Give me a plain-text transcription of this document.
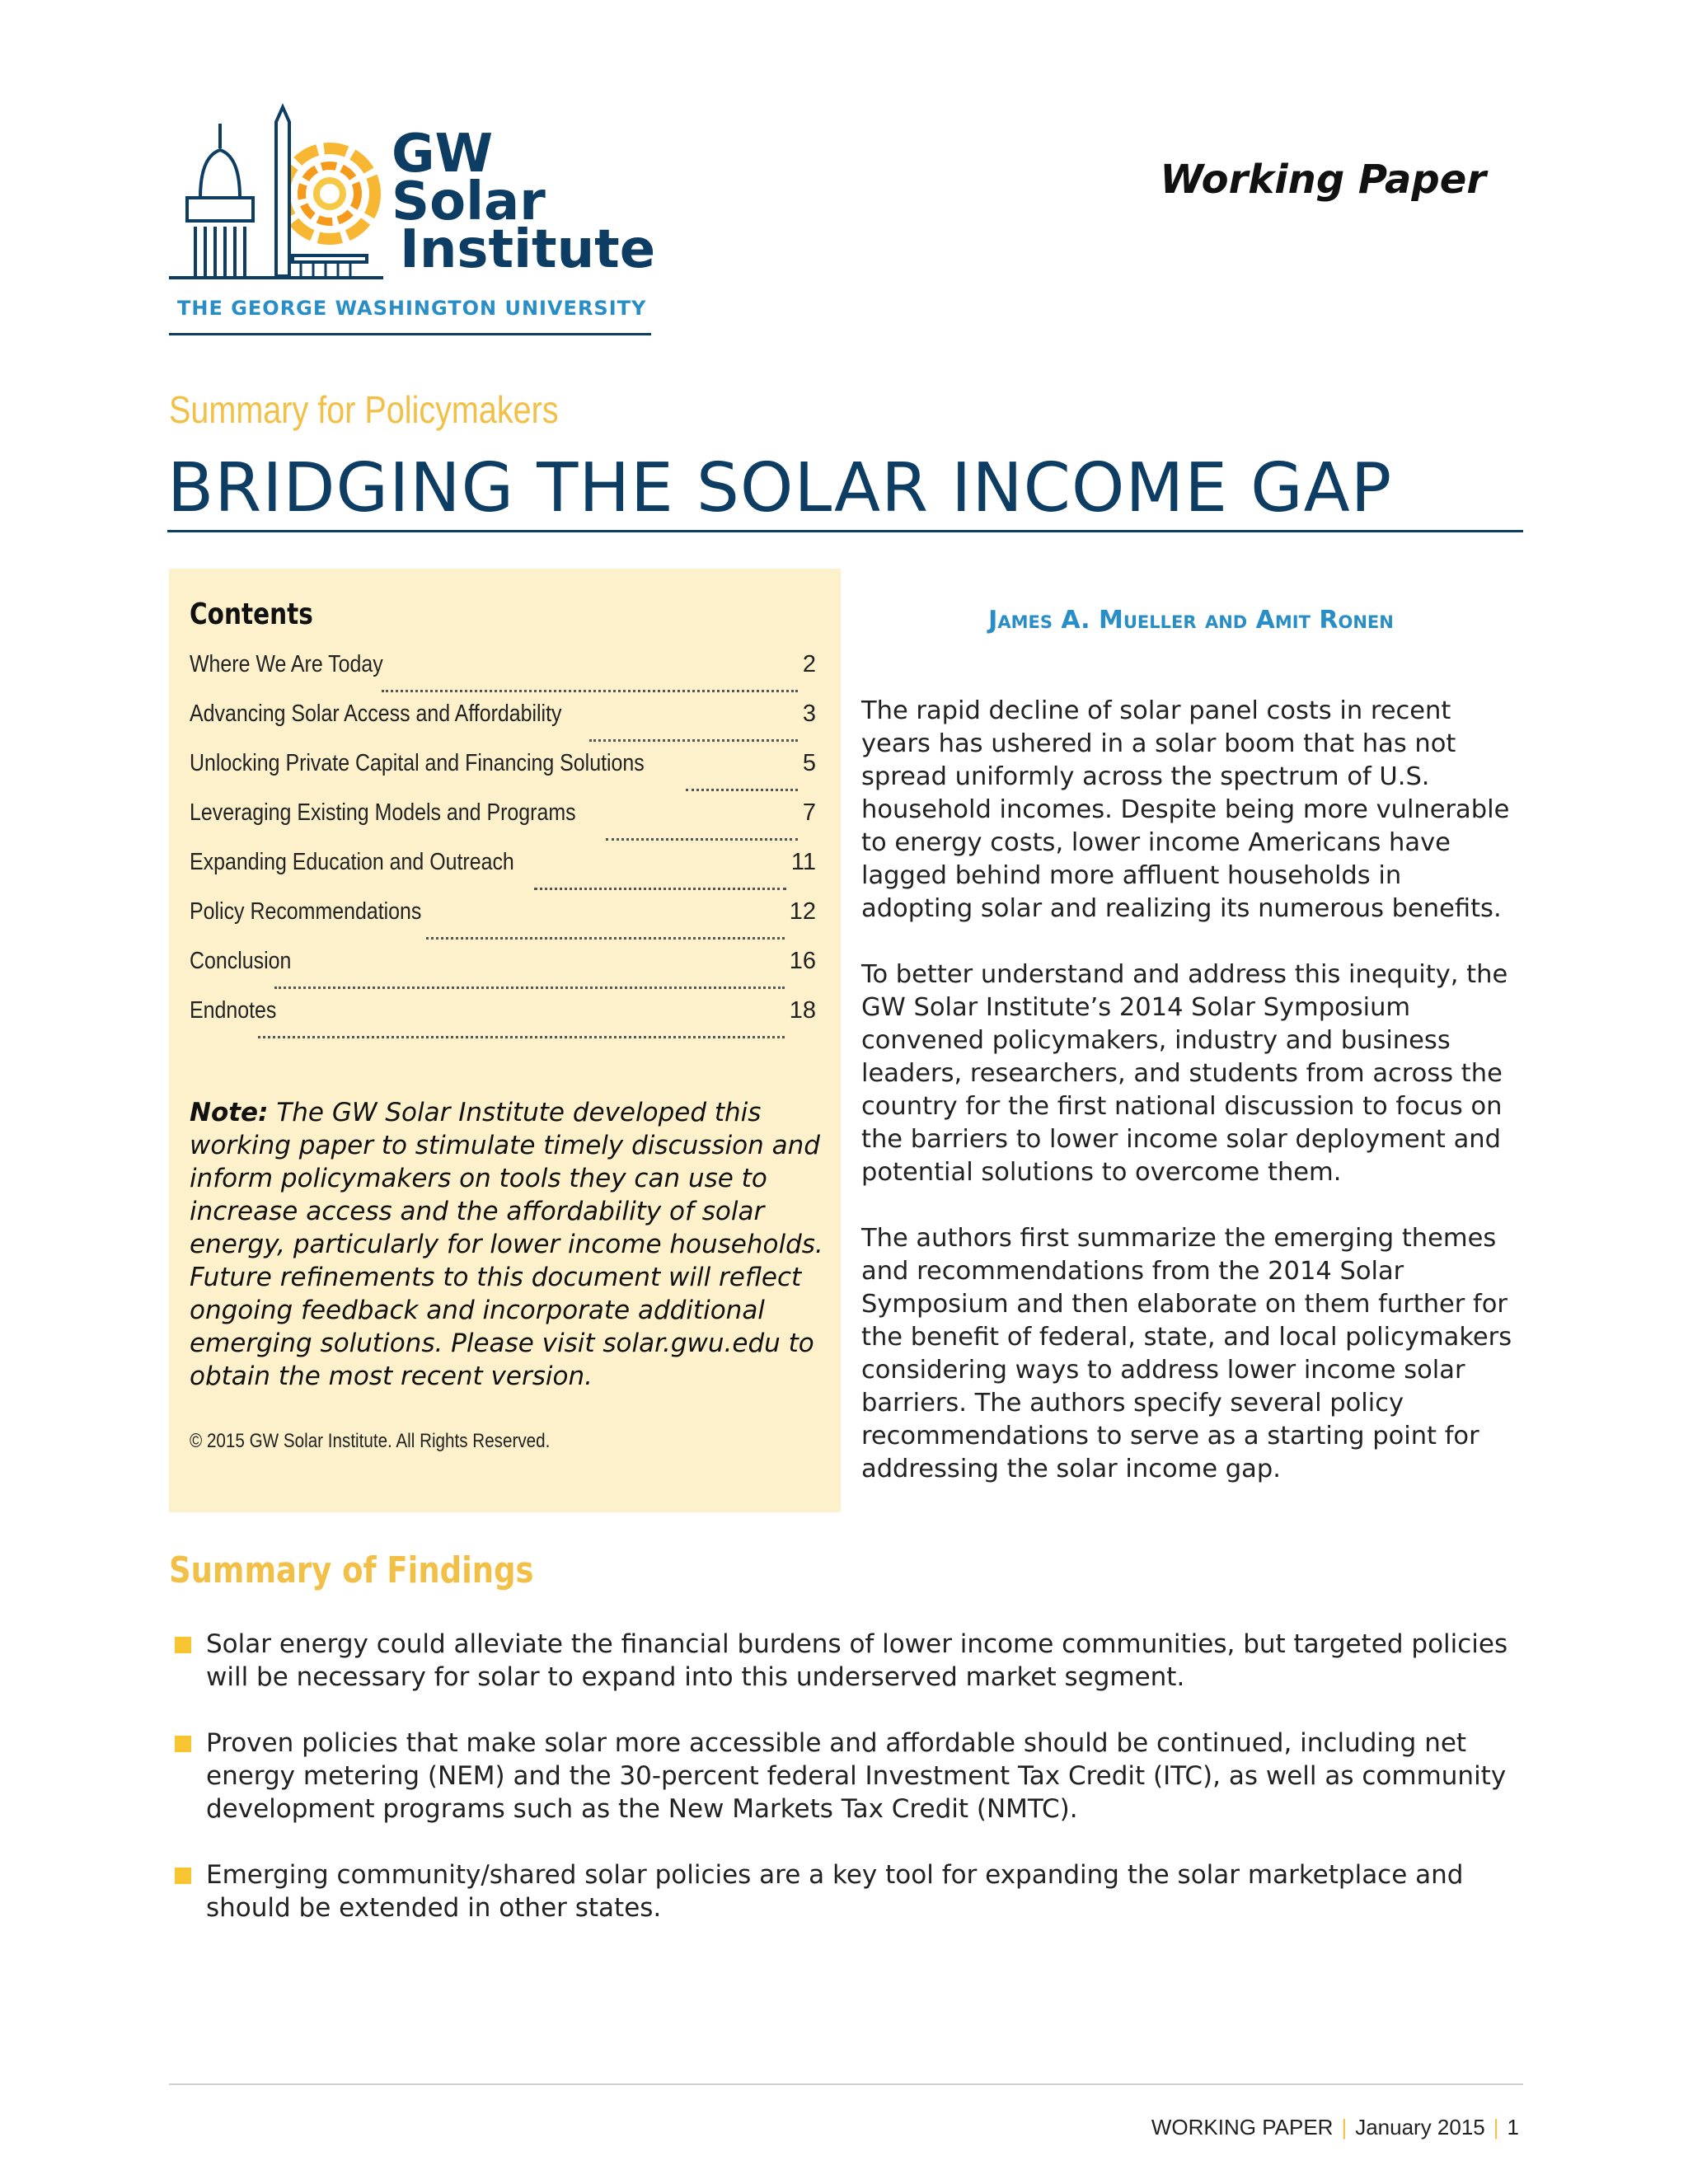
GW
Solar
Institute
THE GEORGE WASHINGTON UNIVERSITY
Working Paper
Summary for Policymakers
BRIDGING THE SOLAR INCOME GAP
Contents
Where We Are Today	2
Advancing Solar Access and Affordability	3
Unlocking Private Capital and Financing Solutions	5
Leveraging Existing Models and Programs	7
Expanding Education and Outreach	11
Policy Recommendations	12
Conclusion	16
Endnotes	18
Note: The GW Solar Institute developed this working paper to stimulate timely discussion and inform policymakers on tools they can use to increase access and the affordability of solar energy, particularly for lower income households. Future refinements to this document will reflect ongoing feedback and incorporate additional emerging solutions. Please visit solar.gwu.edu to obtain the most recent version.
© 2015 GW Solar Institute. All Rights Reserved.
James A. Mueller and Amit Ronen

The rapid decline of solar panel costs in recent years has ushered in a solar boom that has not spread uniformly across the spectrum of U.S. household incomes. Despite being more vulnerable to energy costs, lower income Americans have lagged behind more affluent households in adopting solar and realizing its numerous benefits.

To better understand and address this inequity, the GW Solar Institute’s 2014 Solar Symposium convened policymakers, industry and business leaders, researchers, and students from across the country for the first national discussion to focus on the barriers to lower income solar deployment and potential solutions to overcome them.

The authors first summarize the emerging themes and recommendations from the 2014 Solar Symposium and then elaborate on them further for the benefit of federal, state, and local policymakers considering ways to address lower income solar barriers. The authors specify several policy recommendations to serve as a starting point for addressing the solar income gap.

Summary of Findings
Solar energy could alleviate the financial burdens of lower income communities, but targeted policies will be necessary for solar to expand into this underserved market segment.
Proven policies that make solar more accessible and affordable should be continued, including net energy metering (NEM) and the 30-percent federal Investment Tax Credit (ITC), as well as community development programs such as the New Markets Tax Credit (NMTC).
Emerging community/shared solar policies are a key tool for expanding the solar marketplace and should be extended in other states.
WORKING PAPER | January 2015 | 1
